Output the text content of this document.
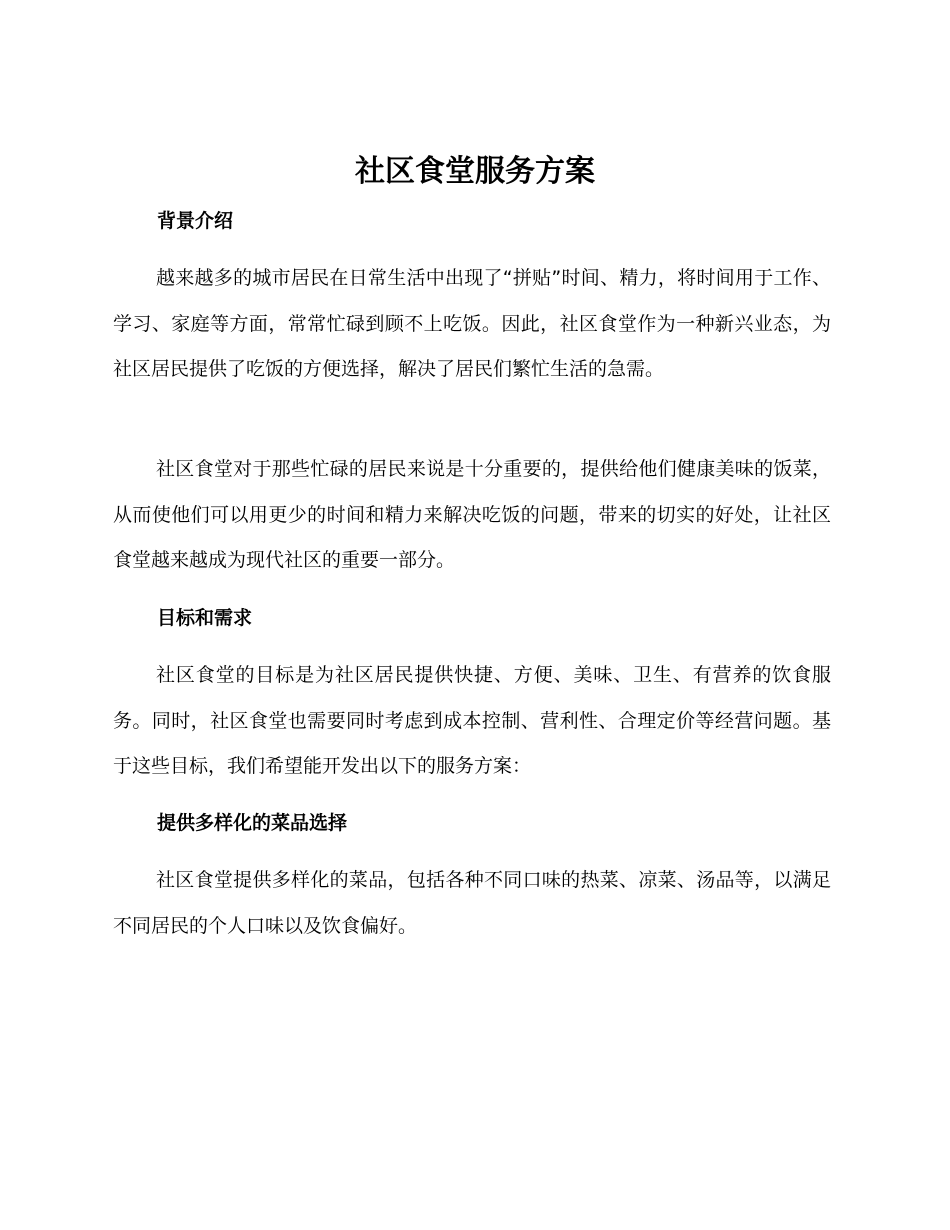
社区食堂服务方案
背景介绍

越来越多的城市居民在日常生活中出现了“拼贴”时间、精力，将时间用于工作、学习、家庭等方面，常常忙碌到顾不上吃饭。因此，社区食堂作为一种新兴业态，为社区居民提供了吃饭的方便选择，解决了居民们繁忙生活的急需。

社区食堂对于那些忙碌的居民来说是十分重要的，提供给他们健康美味的饭菜，从而使他们可以用更少的时间和精力来解决吃饭的问题，带来的切实的好处，让社区食堂越来越成为现代社区的重要一部分。

目标和需求

社区食堂的目标是为社区居民提供快捷、方便、美味、卫生、有营养的饮食服务。同时，社区食堂也需要同时考虑到成本控制、营利性、合理定价等经营问题。基于这些目标，我们希望能开发出以下的服务方案：

提供多样化的菜品选择

社区食堂提供多样化的菜品，包括各种不同口味的热菜、凉菜、汤品等，以满足不同居民的个人口味以及饮食偏好。
